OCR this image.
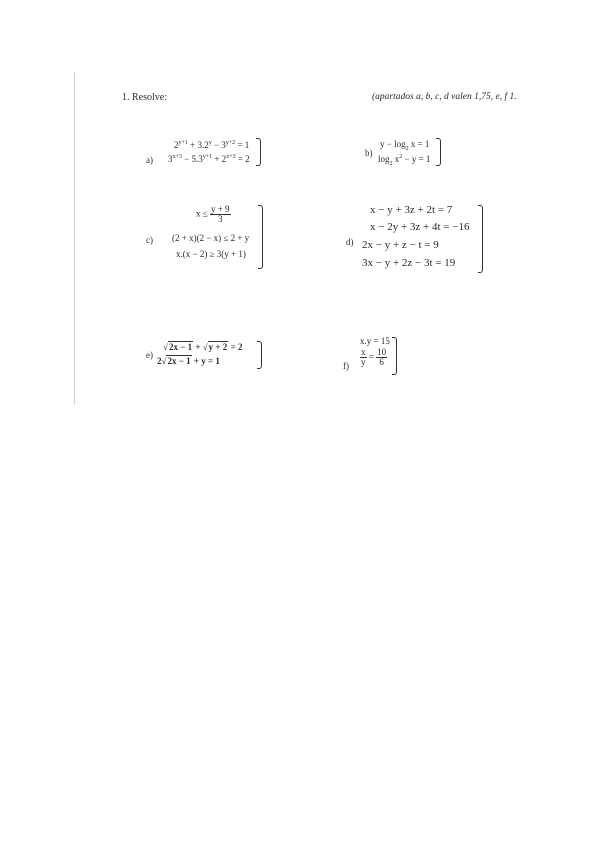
1. Resolve:	(apartados a, b, c, d valen 1,75, e, f 1.
a)
$2^{y+1} + 3.2^y - 3^{y+2} = 1$
$3^{x+3} - 5.3^{y+1} + 2^{x+3} = 2$
b)
$y - \log_2 x = 1$
$\log_2 x^2 - y = 1$
c)
$x \le \frac{y + 9}{3}$
(2 + x)(2 − x) ≤ 2 + y
x.(x − 2) ≥ 3(y + 1)
d)
x − y + 3z + 2t = 7
x − 2y + 3z + 4t = −16
2x − y + z − t = 9
3x − y + 2z − 3t = 19
e)
√2x − 1 + √y + 2 = 2
2√2x − 1 + y = 1	f)
x.y = 15
$\frac{x}{y} = \frac{10}{6}$
